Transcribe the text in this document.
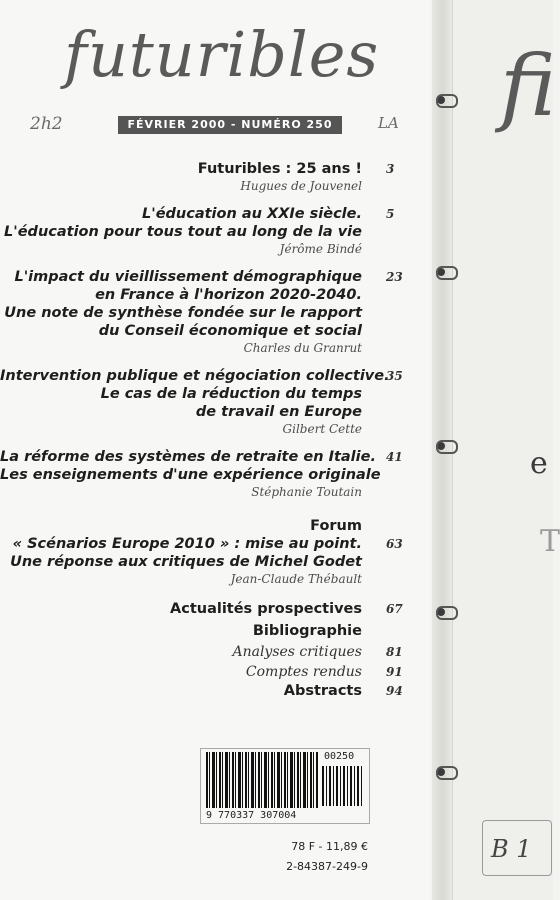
futuribles
2h2	FÉVRIER 2000 - NUMÉRO 250	LA
Futuribles : 25 ans !
Hugues de Jouvenel
3
L'éducation au XXIe siècle.
L'éducation pour tous tout au long de la vie
Jérôme Bindé
5
L'impact du vieillissement démographique
en France à l'horizon 2020-2040.
Une note de synthèse fondée sur le rapport
du Conseil économique et social
Charles du Granrut
23
Intervention publique et négociation collective.
Le cas de la réduction du temps
de travail en Europe
Gilbert Cette
35
La réforme des systèmes de retraite en Italie.
Les enseignements d'une expérience originale
Stéphanie Toutain
41
Forum
« Scénarios Europe 2010 » : mise au point.
Une réponse aux critiques de Michel Godet
Jean-Claude Thébault
63
Actualités prospectives 67
Bibliographie
Analyses critiques 81
Comptes rendus 91
Abstracts 94
00250
9 770337 307004
78 F - 11,89 €
2-84387-249-9
fi
e
T
B 1
